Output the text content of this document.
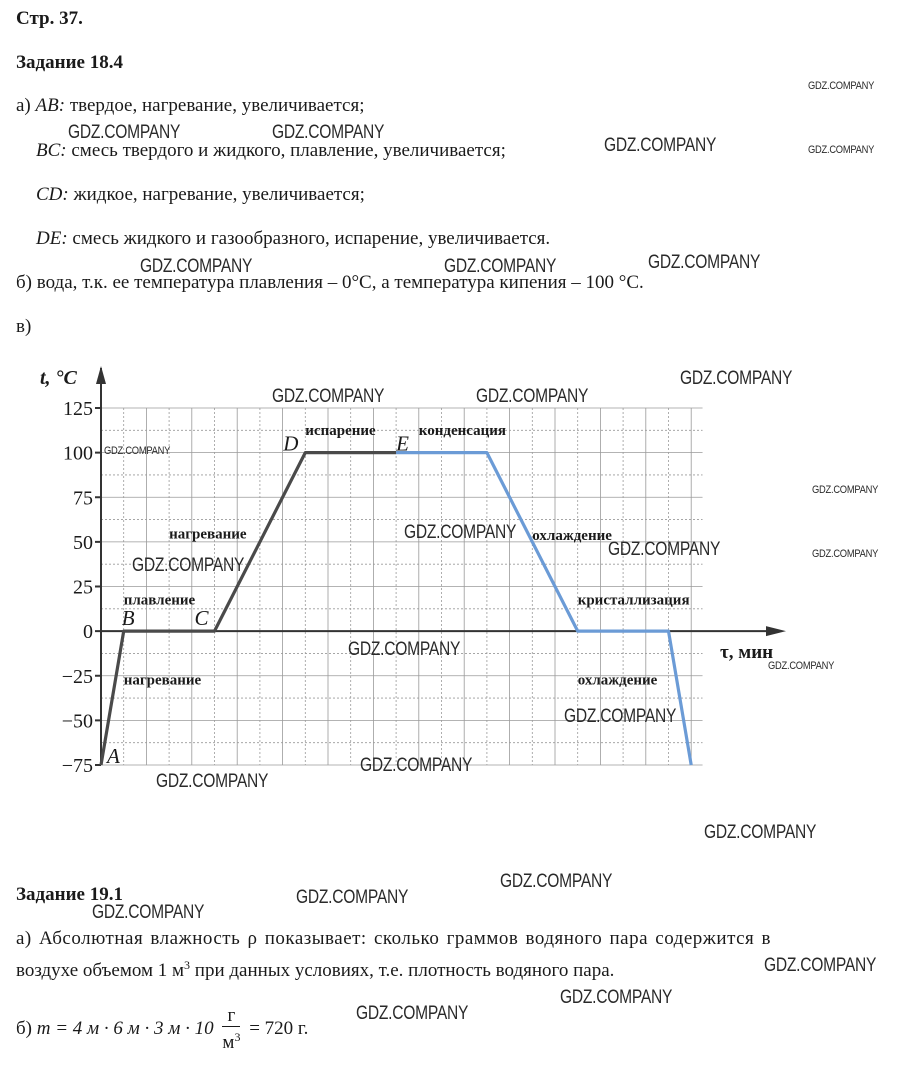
Стр. 37.
Задание 18.4
а) AB: твердое, нагревание, увеличивается;
BC: смесь твердого и жидкого, плавление, увеличивается;
CD: жидкое, нагревание, увеличивается;
DE: смесь жидкого и газообразного, испарение, увеличивается.
б) вода, т.к. ее температура плавления – 0°C, а температура кипения – 100 °C.
в)
125
100
75
50
25
0
−25
−50
−75
t, °C
τ, мин
A
B	C
D	E
плавление
нагревание
нагревание
испарение	конденсация
охлаждение
кристаллизация
охлаждение
Задание 19.1
а) Абсолютная влажность ρ показывает: сколько граммов водяного пара содержится в
воздухе объемом 1 $м^3$ при данных условиях, т.е. плотность водяного пара.
б) m = 4 м · 6 м · 3 $м \cdot 10 \frac{г}{м^3} = 720$ г.
GDZ.COMPANY
GDZ.COMPANY	GDZ.COMPANY
GDZ.COMPANY	GDZ.COMPANY
GDZ.COMPANY	GDZ.COMPANY	GDZ.COMPANY
GDZ.COMPANY
GDZ.COMPANY	GDZ.COMPANY
GDZ.COMPANY
GDZ.COMPANY
GDZ.COMPANY
GDZ.COMPANY	GDZ.COMPANY
GDZ.COMPANY
GDZ.COMPANY
GDZ.COMPANY
GDZ.COMPANY
GDZ.COMPANY
GDZ.COMPANY
GDZ.COMPANY
GDZ.COMPANY
GDZ.COMPANY
GDZ.COMPANY
GDZ.COMPANY
GDZ.COMPANY
GDZ.COMPANY
